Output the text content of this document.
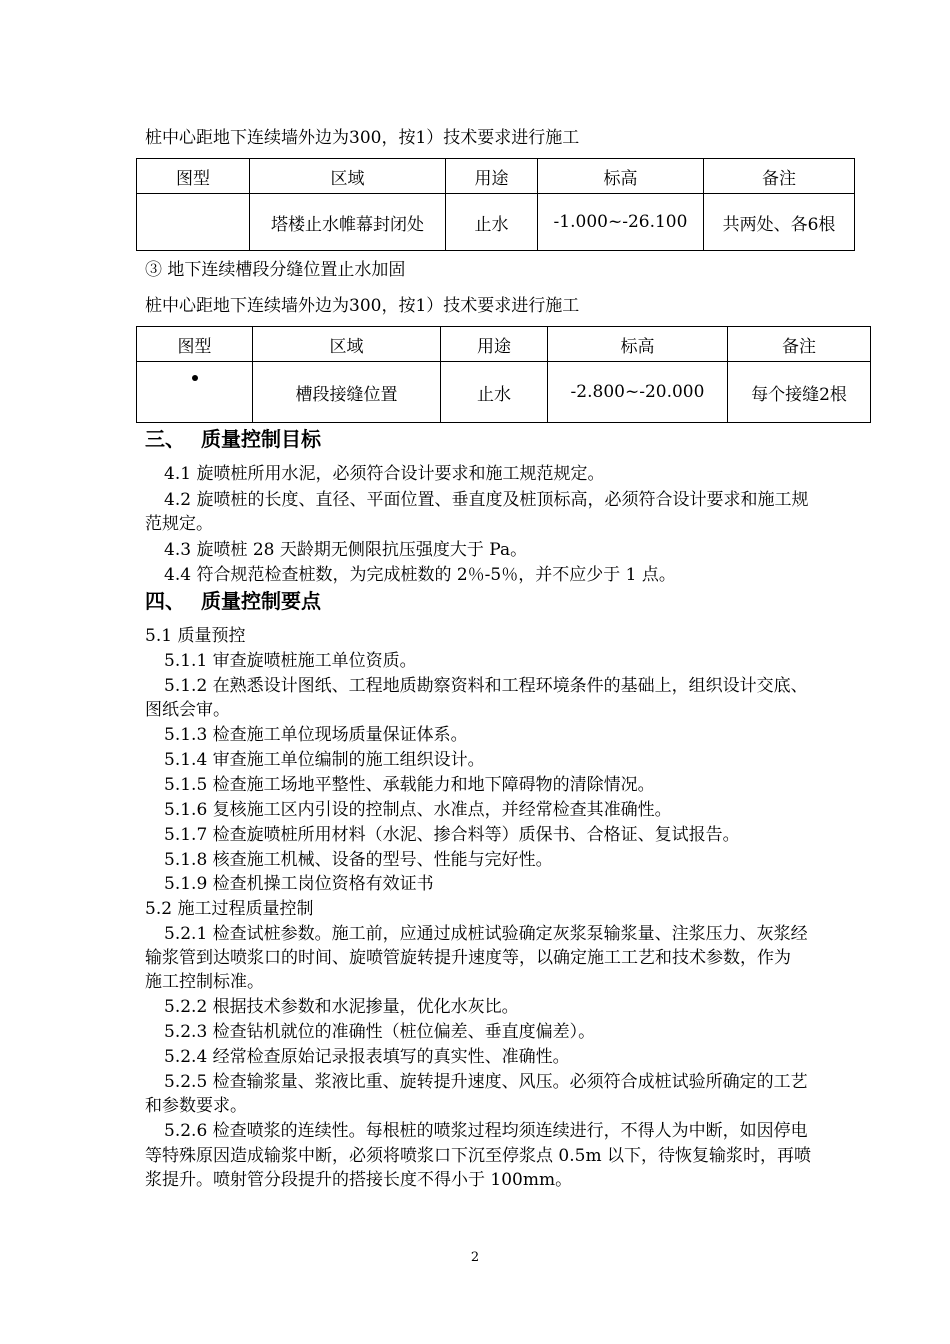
桩中心距地下连续墙外边为300，按1）技术要求进行施工
图型	区域	用途	标高	备注
	塔楼止水帷幕封闭处	止水	-1.000~-26.100	共两处、各6根
③ 地下连续槽段分缝位置止水加固
桩中心距地下连续墙外边为300，按1）技术要求进行施工
图型	区域	用途	标高	备注
	槽段接缝位置	止水	-2.800~-20.000	每个接缝2根
三、 质量控制目标
4.1 旋喷桩所用水泥，必须符合设计要求和施工规范规定。
4.2 旋喷桩的长度、直径、平面位置、垂直度及桩顶标高，必须符合设计要求和施工规
范规定。
4.3 旋喷桩 28 天龄期无侧限抗压强度大于 Pa。
4.4 符合规范检查桩数，为完成桩数的 2％-5％，并不应少于 1 点。
四、 质量控制要点
5.1 质量预控
5.1.1 审查旋喷桩施工单位资质。
5.1.2 在熟悉设计图纸、工程地质勘察资料和工程环境条件的基础上，组织设计交底、
图纸会审。
5.1.3 检查施工单位现场质量保证体系。
5.1.4 审查施工单位编制的施工组织设计。
5.1.5 检查施工场地平整性、承载能力和地下障碍物的清除情况。
5.1.6 复核施工区内引设的控制点、水准点，并经常检查其准确性。
5.1.7 检查旋喷桩所用材料（水泥、掺合料等）质保书、合格证、复试报告。
5.1.8 核查施工机械、设备的型号、性能与完好性。
5.1.9 检查机操工岗位资格有效证书
5.2 施工过程质量控制
5.2.1 检查试桩参数。施工前，应通过成桩试验确定灰浆泵输浆量、注浆压力、灰浆经
输浆管到达喷浆口的时间、旋喷管旋转提升速度等，以确定施工工艺和技术参数，作为
施工控制标准。
5.2.2 根据技术参数和水泥掺量，优化水灰比。
5.2.3 检查钻机就位的准确性（桩位偏差、垂直度偏差）。
5.2.4 经常检查原始记录报表填写的真实性、准确性。
5.2.5 检查输浆量、浆液比重、旋转提升速度、风压。必须符合成桩试验所确定的工艺
和参数要求。
5.2.6 检查喷浆的连续性。每根桩的喷浆过程均须连续进行，不得人为中断，如因停电
等特殊原因造成输浆中断，必须将喷浆口下沉至停浆点 0.5m 以下，待恢复输浆时，再喷
浆提升。喷射管分段提升的搭接长度不得小于 100mm。
2
